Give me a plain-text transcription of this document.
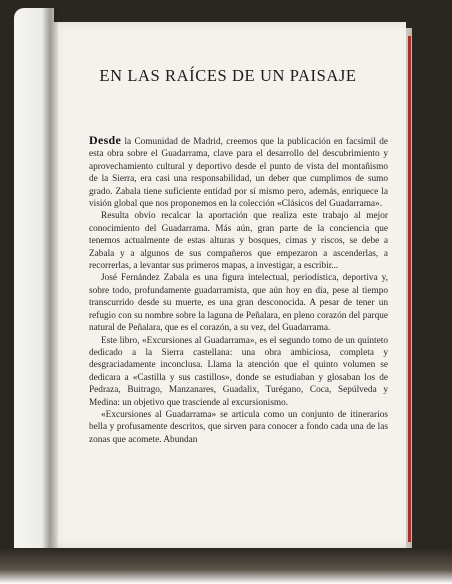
EN LAS RAÍCES DE UN PAISAJE

Desde la Comunidad de Madrid, creemos que la publicación en facsímil de esta obra sobre el Guadarrama, clave para el desarrollo del descubrimiento y aprovechamiento cultural y deportivo desde el punto de vista del montañismo de la Sierra, era casi una responsabilidad, un deber que cumplimos de sumo grado. Zabala tiene suficiente entidad por sí mismo pero, además, enriquece la visión global que nos proponemos en la colección «Clásicos del Guadarrama».

Resulta obvio recalcar la aportación que realiza este trabajo al mejor conocimiento del Guadarrama. Más aún, gran parte de la conciencia que tenemos actualmente de estas alturas y bosques, cimas y riscos, se debe a Zabala y a algunos de sus compañeros que empezaron a ascenderlas, a recorrerlas, a levantar sus primeros mapas, a investigar, a escribir...

José Fernández Zabala es una figura intelectual, periodística, deportiva y, sobre todo, profundamente guadarramista, que aún hoy en día, pese al tiempo transcurrido desde su muerte, es una gran desconocida. A pesar de tener un refugio con su nombre sobre la laguna de Peñalara, en pleno corazón del parque natural de Peñalara, que es el corazón, a su vez, del Guadarrama.

Este libro, «Excursiones al Guadarrama», es el segundo tomo de un quinteto dedicado a la Sierra castellana: una obra ambiciosa, completa y desgraciadamente inconclusa. Llama la atención que el quinto volumen se dedicara a «Castilla y sus castillos», donde se estudiaban y glosaban los de Pedraza, Buitrago, Manzanares, Guadalix, Turégano, Coca, Sepúlveda y Medina: un objetivo que trasciende al excursionismo.

«Excursiones al Guadarrama» se articula como un conjunto de itinerarios bella y profusamente descritos, que sirven para conocer a fondo cada una de las zonas que acomete. Abundan
